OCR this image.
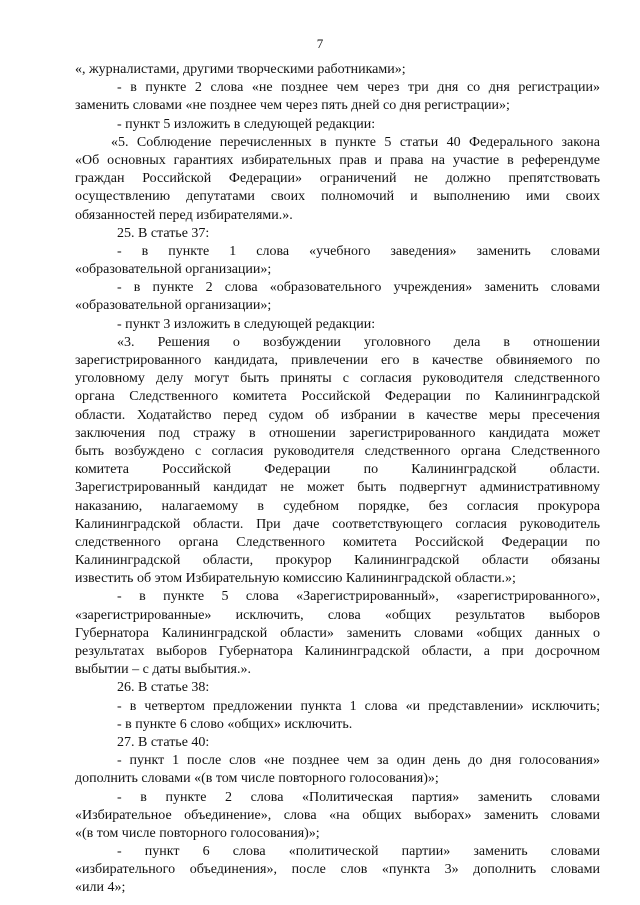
7
«, журналистами, другими творческими работниками»;
- в пункте 2 слова «не позднее чем через три дня со дня регистрации»
заменить словами «не позднее чем через пять дней со дня регистрации»;
- пункт 5 изложить в следующей редакции:
«5. Соблюдение перечисленных в пункте 5 статьи 40 Федерального закона
«Об основных гарантиях избирательных прав и права на участие в референдуме
граждан Российской Федерации» ограничений не должно препятствовать
осуществлению депутатами своих полномочий и выполнению ими своих
обязанностей перед избирателями.».
25. В статье 37:
- в пункте 1 слова «учебного заведения» заменить словами
«образовательной организации»;
- в пункте 2 слова «образовательного учреждения» заменить словами
«образовательной организации»;
- пункт 3 изложить в следующей редакции:
«3. Решения о возбуждении уголовного дела в отношении
зарегистрированного кандидата, привлечении его в качестве обвиняемого по
уголовному делу могут быть приняты с согласия руководителя следственного
органа Следственного комитета Российской Федерации по Калининградской
области. Ходатайство перед судом об избрании в качестве меры пресечения
заключения под стражу в отношении зарегистрированного кандидата может
быть возбуждено с согласия руководителя следственного органа Следственного
комитета Российской Федерации по Калининградской области.
Зарегистрированный кандидат не может быть подвергнут административному
наказанию, налагаемому в судебном порядке, без согласия прокурора
Калининградской области. При даче соответствующего согласия руководитель
следственного органа Следственного комитета Российской Федерации по
Калининградской области, прокурор Калининградской области обязаны
известить об этом Избирательную комиссию Калининградской области.»;
- в пункте 5 слова «Зарегистрированный», «зарегистрированного»,
«зарегистрированные» исключить, слова «общих результатов выборов
Губернатора Калининградской области» заменить словами «общих данных о
результатах выборов Губернатора Калининградской области, а при досрочном
выбытии – с даты выбытия.».
26. В статье 38:
- в четвертом предложении пункта 1 слова «и представлении» исключить;
- в пункте 6 слово «общих» исключить.
27. В статье 40:
- пункт 1 после слов «не позднее чем за один день до дня голосования»
дополнить словами «(в том числе повторного голосования)»;
- в пункте 2 слова «Политическая партия» заменить словами
«Избирательное объединение», слова «на общих выборах» заменить словами
«(в том числе повторного голосования)»;
- пункт 6 слова «политической партии» заменить словами
«избирательного объединения», после слов «пункта 3» дополнить словами
«или 4»;
